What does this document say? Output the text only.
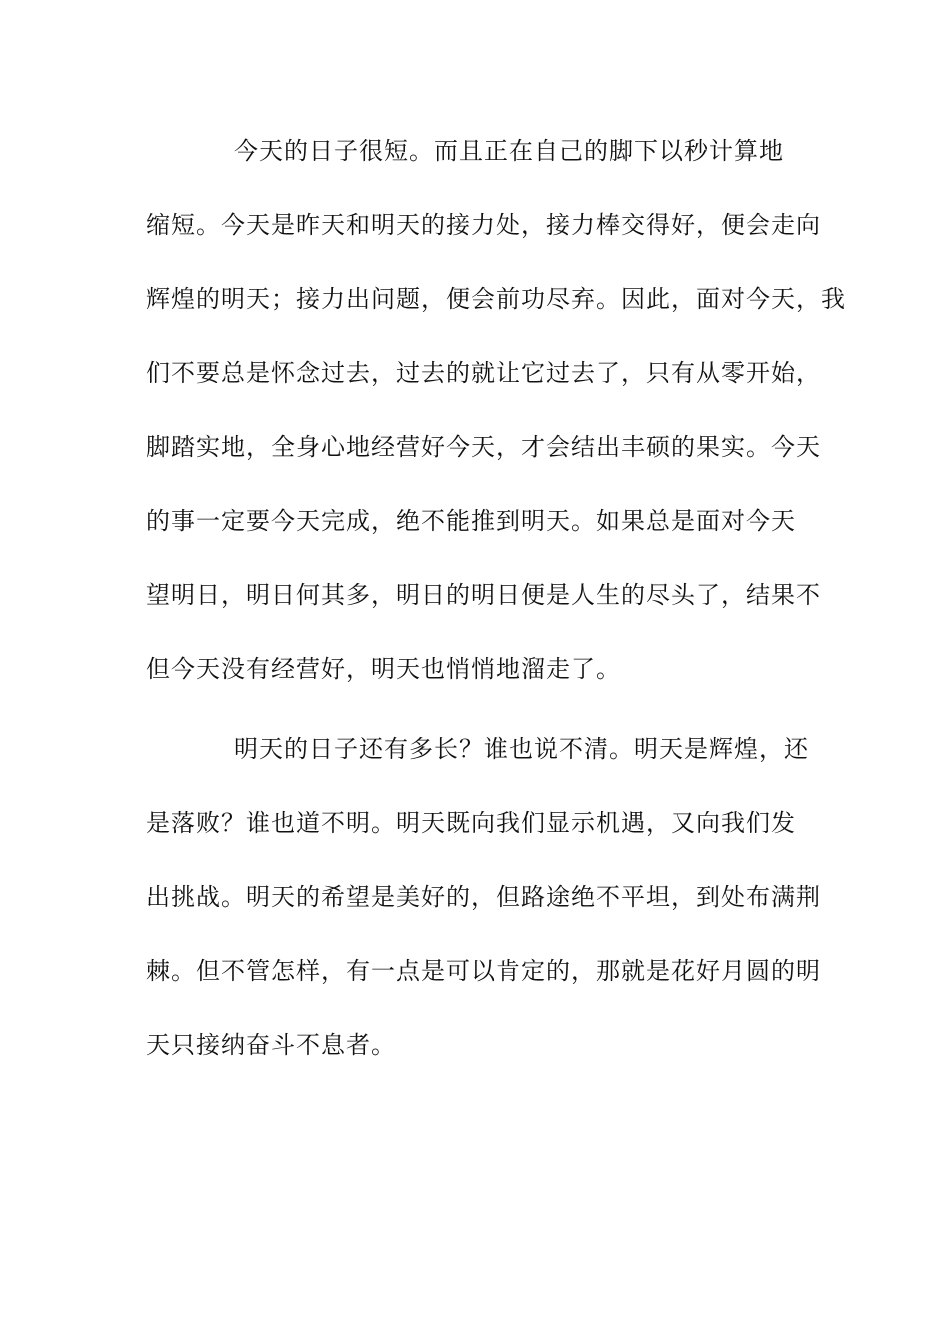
今天的日子很短。而且正在自己的脚下以秒计算地
缩短。今天是昨天和明天的接力处，接力棒交得好，便会走向
辉煌的明天；接力出问题，便会前功尽弃。因此，面对今天，我
们不要总是怀念过去，过去的就让它过去了，只有从零开始，
脚踏实地，全身心地经营好今天，才会结出丰硕的果实。今天
的事一定要今天完成，绝不能推到明天。如果总是面对今天
望明日，明日何其多，明日的明日便是人生的尽头了，结果不
但今天没有经营好，明天也悄悄地溜走了。
明天的日子还有多长？谁也说不清。明天是辉煌，还
是落败？谁也道不明。明天既向我们显示机遇，又向我们发
出挑战。明天的希望是美好的，但路途绝不平坦，到处布满荆
棘。但不管怎样，有一点是可以肯定的，那就是花好月圆的明
天只接纳奋斗不息者。
